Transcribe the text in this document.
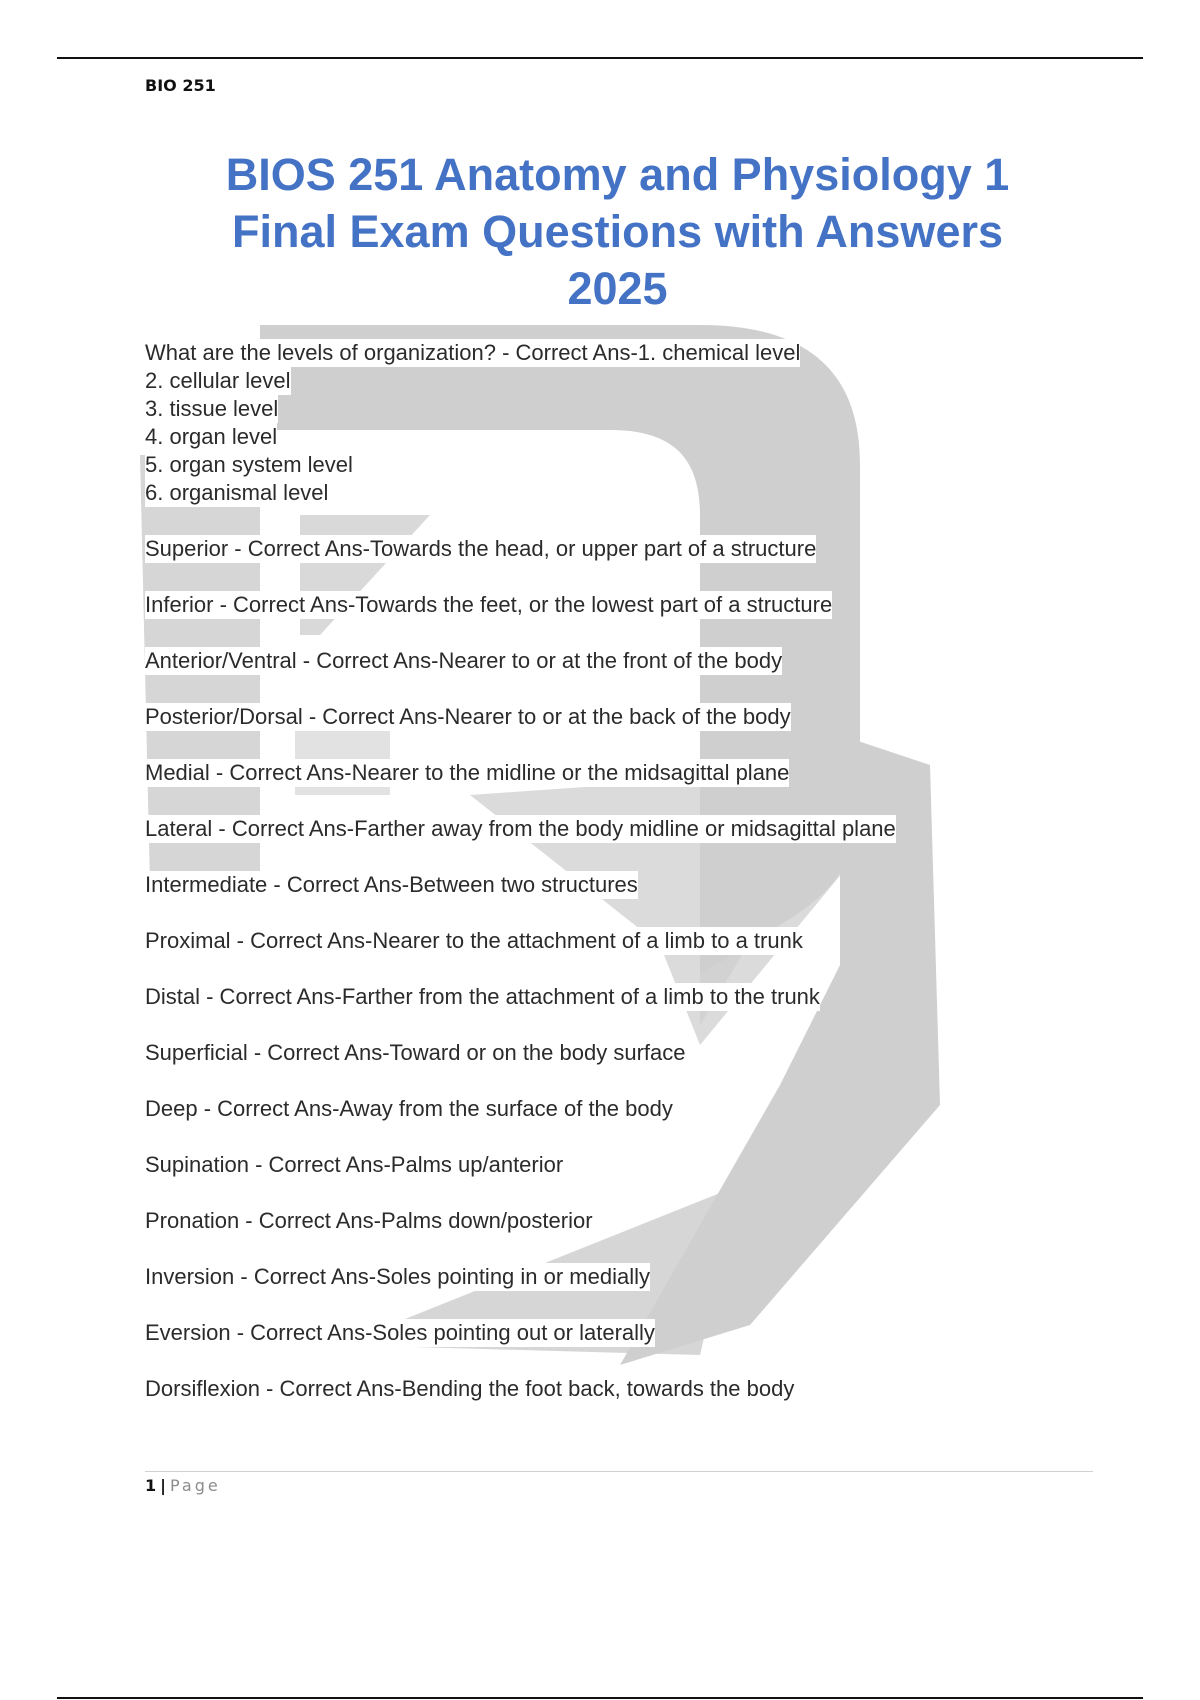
BIO 251
BIOS 251 Anatomy and Physiology 1
Final Exam Questions with Answers
2025
What are the levels of organization? - Correct Ans-1. chemical level
2. cellular level
3. tissue level
4. organ level
5. organ system level
6. organismal level
Superior - Correct Ans-Towards the head, or upper part of a structure
Inferior - Correct Ans-Towards the feet, or the lowest part of a structure
Anterior/Ventral - Correct Ans-Nearer to or at the front of the body
Posterior/Dorsal - Correct Ans-Nearer to or at the back of the body
Medial - Correct Ans-Nearer to the midline or the midsagittal plane
Lateral - Correct Ans-Farther away from the body midline or midsagittal plane
Intermediate - Correct Ans-Between two structures
Proximal - Correct Ans-Nearer to the attachment of a limb to a trunk
Distal - Correct Ans-Farther from the attachment of a limb to the trunk
Superficial - Correct Ans-Toward or on the body surface
Deep - Correct Ans-Away from the surface of the body
Supination - Correct Ans-Palms up/anterior
Pronation - Correct Ans-Palms down/posterior
Inversion - Correct Ans-Soles pointing in or medially
Eversion - Correct Ans-Soles pointing out or laterally
Dorsiflexion - Correct Ans-Bending the foot back, towards the body
1 | Page
